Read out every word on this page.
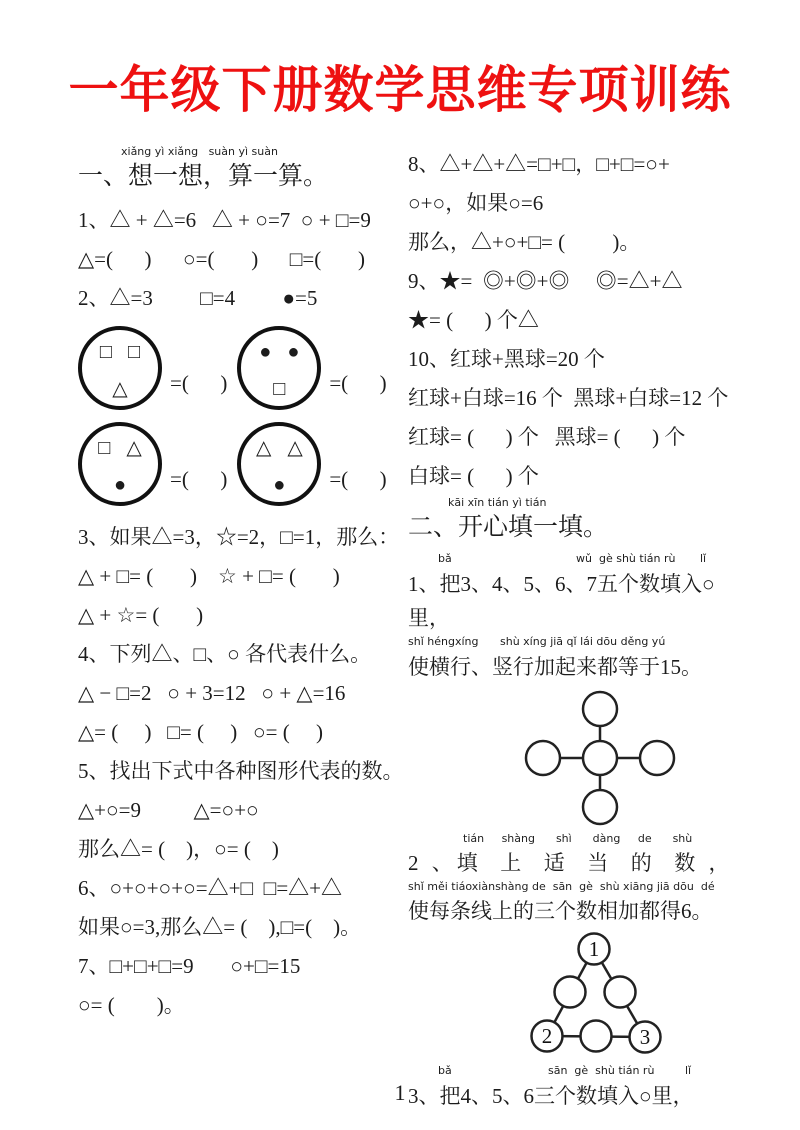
一年级下册数学思维专项训练
xiǎng yì xiǎng   suàn yì suàn
一、想一想，算一算。
1、△ + △=6   △ + ○=7  ○ + □=9
△=(      )      ○=(       )      □=(       )
2、△=3         □=4         ●=5
□ □
△ =(      )
● ●
□ =(      )
□ △
● =(      )
△ △
● =(      )
3、如果△=3，☆=2，□=1，那么：
△ + □= (       )    ☆ + □= (       )
△ + ☆= (       )
4、下列△、□、○ 各代表什么。
△ − □=2   ○ + 3=12   ○ + △=16
△= (     )   □= (     )   ○= (     )
5、找出下式中各种图形代表的数。
△+○=9          △=○+○
那么△= (    )，○= (    )
6、○+○+○+○=△+□  □=△+△
如果○=3,那么△= (    ),□=(    )。
7、□+□+□=9       ○+□=15
○= (        )。
8、△+△+△=□+□，□+□=○+
○+○，如果○=6
那么，△+○+□= (         )。
9、★=  ◎+◎+◎     ◎=△+△
★= (      ) 个△
10、红球+黑球=20 个
红球+白球=16 个  黑球+白球=12 个
红球= (      ) 个   黑球= (      ) 个
白球= (      ) 个
kāi xīn tián yì tián
二、开心填一填。
bǎ	wǔ  gè shù tián rù lǐ
1、把3、4、5、6、7五个数填入○里，
shǐ héngxíng shù xíng jiā qǐ lái dōu děng yú
使横行、竖行加起来都等于15。
tián     shàng      shì      dàng     de      shù
2 、填  上  适  当  的  数 ，
shǐ měi tiáoxiànshàng de  sān  gè  shù xiāng jiā dōu  dé
使每条线上的三个数相加都得6。
1
2	3
bǎ	sān  gè  shù tián rù	lǐ
3、把4、5、6三个数填入○里，
1
